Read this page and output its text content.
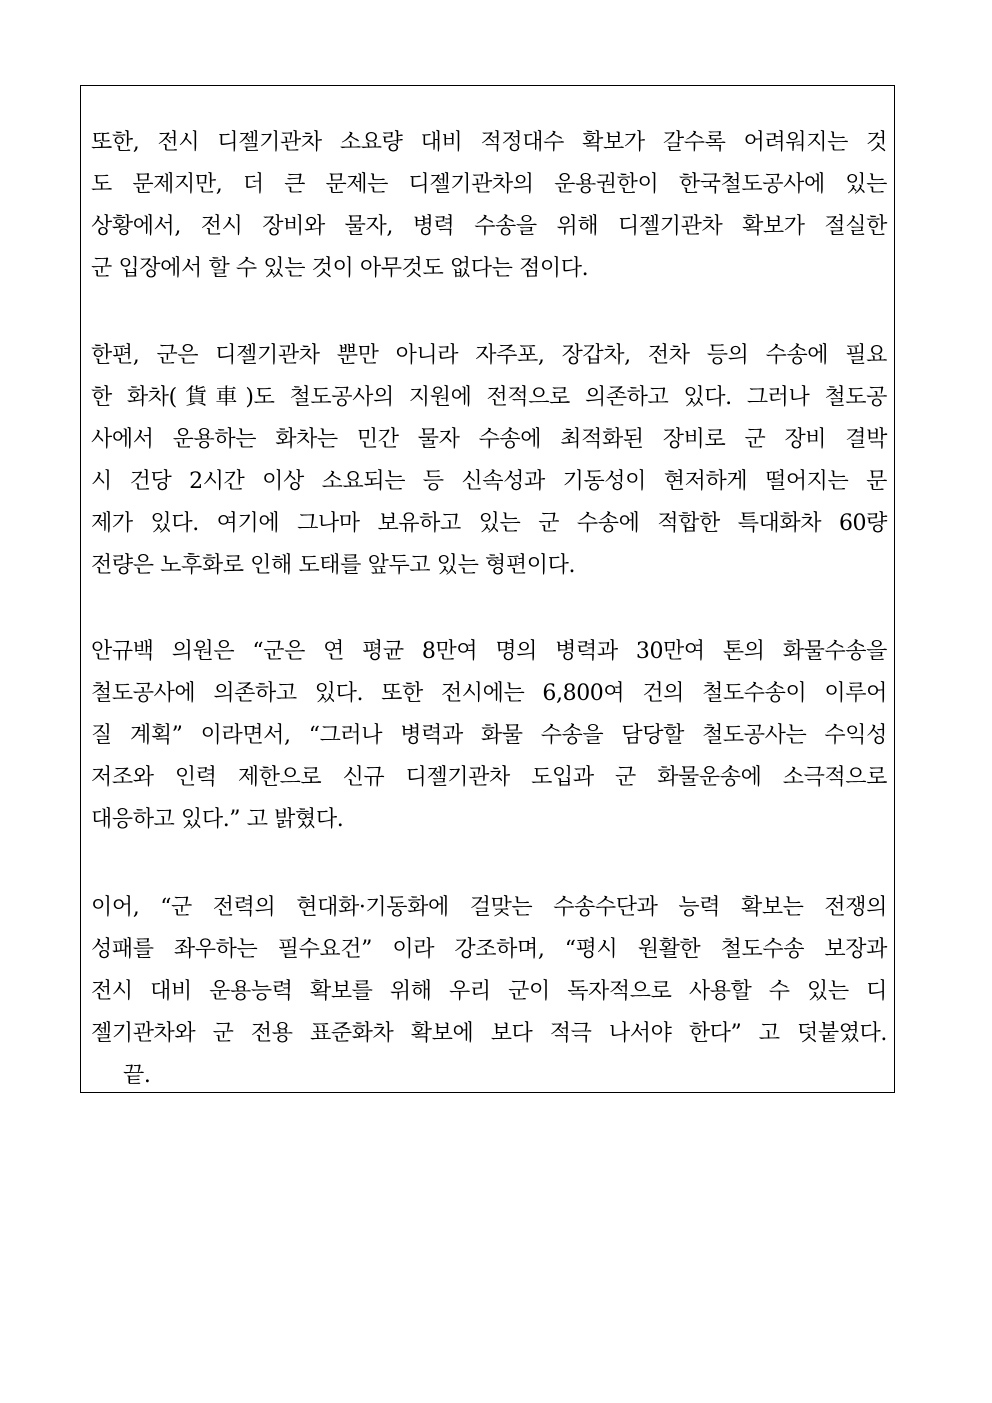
또한, 전시 디젤기관차 소요량 대비 적정대수 확보가 갈수록 어려워지는 것
도 문제지만, 더 큰 문제는 디젤기관차의 운용권한이 한국철도공사에 있는
상황에서, 전시 장비와 물자, 병력 수송을 위해 디젤기관차 확보가 절실한
군 입장에서 할 수 있는 것이 아무것도 없다는 점이다.
한편, 군은 디젤기관차 뿐만 아니라 자주포, 장갑차, 전차 등의 수송에 필요
한 화차(貨車)도 철도공사의 지원에 전적으로 의존하고 있다. 그러나 철도공
사에서 운용하는 화차는 민간 물자 수송에 최적화된 장비로 군 장비 결박
시 건당 2시간 이상 소요되는 등 신속성과 기동성이 현저하게 떨어지는 문
제가 있다. 여기에 그나마 보유하고 있는 군 수송에 적합한 특대화차 60량
전량은 노후화로 인해 도태를 앞두고 있는 형편이다.
안규백 의원은 “군은 연 평균 8만여 명의 병력과 30만여 톤의 화물수송을
철도공사에 의존하고 있다. 또한 전시에는 6,800여 건의 철도수송이 이루어
질 계획” 이라면서, “그러나 병력과 화물 수송을 담당할 철도공사는 수익성
저조와 인력 제한으로 신규 디젤기관차 도입과 군 화물운송에 소극적으로
대응하고 있다.” 고 밝혔다.
이어, “군 전력의 현대화·기동화에 걸맞는 수송수단과 능력 확보는 전쟁의
성패를 좌우하는 필수요건” 이라 강조하며, “평시 원활한 철도수송 보장과
전시 대비 운용능력 확보를 위해 우리 군이 독자적으로 사용할 수 있는 디
젤기관차와 군 전용 표준화차 확보에 보다 적극 나서야 한다” 고 덧붙였다.
끝.
